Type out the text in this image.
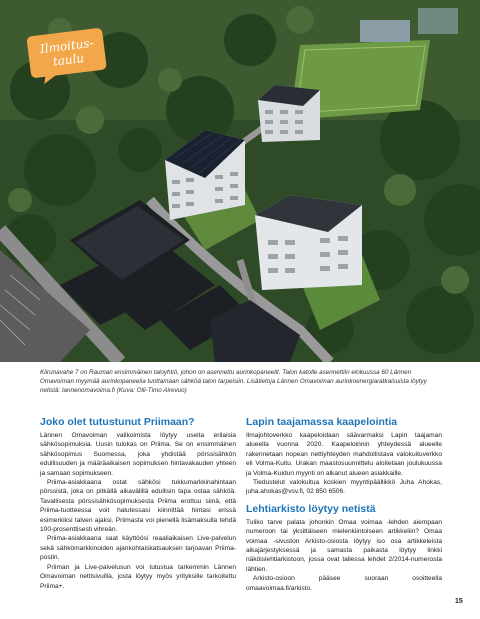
Ilmoitus-
taulu
Kiirunavahe 7 on Rauman ensimmäinen taloyhtiö, johon on asennettu aurinkopaneelit. Talon katolle asennettiin elokuussa 60 Lännen Omavoiman myymää aurinkopaneelia tuottamaan sähköä talon tarpeisiin. Lisätietoja Lännen Omavoiman aurinkoenergiaratkaisuista löytyy netistä: lannenomavoima.fi (Kuva: Olli-Timo Airevuo)
Joko olet tutustunut Priimaan?

Lännen Omavoiman valikoimista löytyy useita erilaisia sähkösopimuksia. Uusin tulokas on Priima. Se on ensimmäinen sähkösopimus Suomessa, joka yhdistää pörssisähkön edullisuuden ja määräaikaisen sopimuksen hintavakauden yhteen ja samaan sopimukseen.

Priima-asiakkaana ostat sähkösi tukkumarkkinahintaan pörssistä, joka on pitkällä aikavälillä edullisin tapa ostaa sähköä. Tavallisesta pörssisähkösopimuksesta Priima erottuu siinä, että Priima-tuotteessa voit halutessasi kiinnittää hintasi erissä esimerkiksi talven ajaksi. Priimasta voi pienellä lisämaksulla tehdä 100-prosenttisesti vihreän.

Priima-asiakkaana saat käyttöösi reaaliaikaisen Live-palvelun sekä sähkömarkkinoiden ajankohtaiskatsauksen tarjoavan Priima-postin.

Priiman ja Live-palvelusun voi tutustua tarkemmin Lännen Omavoiman nettisivuilla, josta löytyy myös yrityksille tarkoitettu Priima+.

Lapin taajamassa kaapelointia

Ilmajohtoverkko kaapeloidaan säävarmaksi Lapin taajaman alueella vuonna 2020. Kaapeloinnin yhteydessä alueelle rakennetaan nopean nettiyhteyden mahdollistava valokuituverkko eli Volma-Kuitu. Urakan maastosuunnittelu aloitetaan joulukuussa ja Volma-Kuidun myynti on alkanut alueen asiakkaille.

Tiedustelut valokuitua koskien myyntipäällikkö Juha Ahokas, juha.ahokas@vsv.fi, 02 850 6506.

Lehtiarkisto löytyy netistä

Tuliko tarve palata johonkin Omaa voimaa -lehden aiempaan numeroon tai yksittäiseen mielenkiintoiseen artikkeliin? Omaa voimaa -sivuston Arkisto-osiosta löytyy iso osa artikkeleista aikajärjestyksessä ja samasta paikasta löytyy linkki näköislehtiarkistoon, jossa ovat tallessa lehdet 2/2014-numerosta lähtien.

Arkisto-osioon pääsee suoraan osoitteella omaavoimaa.fi/arkisto.

15
